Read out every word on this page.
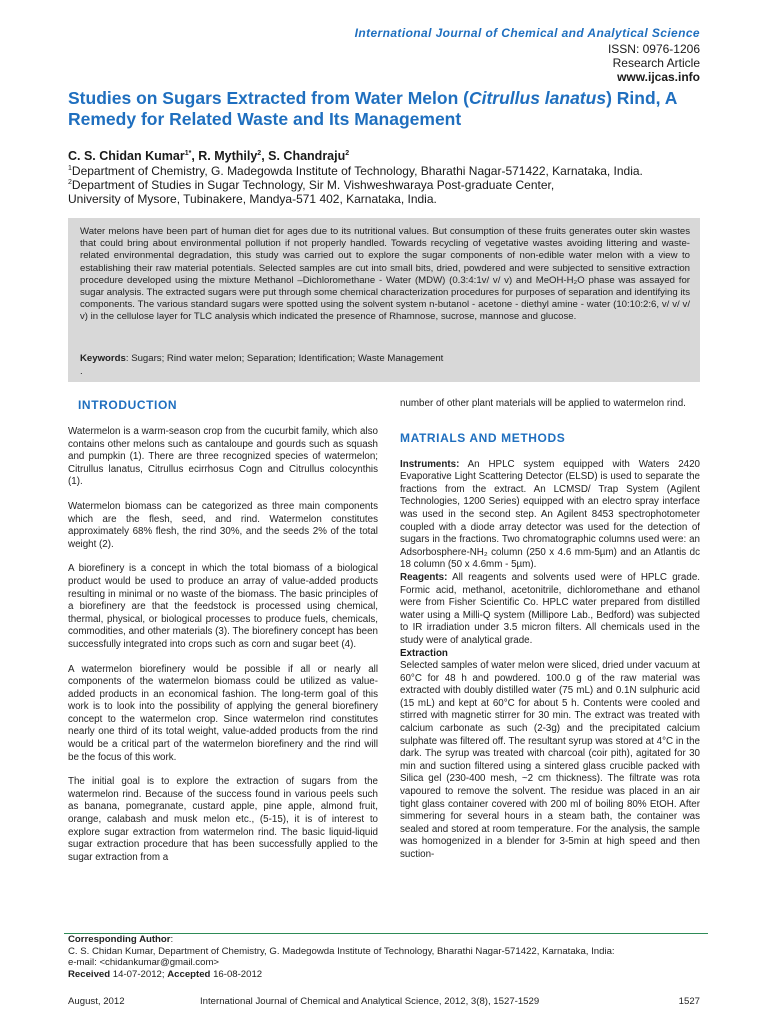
International Journal of Chemical and Analytical Science
ISSN: 0976-1206
Research Article
www.ijcas.info
Studies on Sugars Extracted from Water Melon (Citrullus lanatus) Rind, A Remedy for Related Waste and Its Management
C. S. Chidan Kumar$^{1*}$, R. Mythily$^2$, S. Chandraju$^2$
$^1$Department of Chemistry, G. Madegowda Institute of Technology, Bharathi Nagar-571422, Karnataka, India.
$^2$Department of Studies in Sugar Technology, Sir M. Vishweshwaraya Post-graduate Center,
University of Mysore, Tubinakere, Mandya-571 402, Karnataka, India.
Water melons have been part of human diet for ages due to its nutritional values. But consumption of these fruits generates outer skin wastes that could bring about environmental pollution if not properly handled. Towards recycling of vegetative wastes avoiding littering and waste-related environmental degradation, this study was carried out to explore the sugar components of non-edible water melon with a view to establishing their raw material potentials. Selected samples are cut into small bits, dried, powdered and were subjected to sensitive extraction procedure developed using the mixture Methanol –Dichloromethane - Water (MDW) (0.3:4:1v/ v/ v) and MeOH-H₂O phase was assayed for sugar analysis. The extracted sugars were put through some chemical characterization procedures for purposes of separation and identifying its components. The various standard sugars were spotted using the solvent system n-butanol - acetone - diethyl amine - water (10:10:2:6, v/ v/ v/ v) in the cellulose layer for TLC analysis which indicated the presence of Rhamnose, sucrose, mannose and glucose.
Keywords: Sugars; Rind water melon; Separation; Identification; Waste Management
.
INTRODUCTION

Watermelon is a warm-season crop from the cucurbit family, which also contains other melons such as cantaloupe and gourds such as squash and pumpkin (1). There are three recognized species of watermelon; Citrullus lanatus, Citrullus ecirrhosus Cogn and Citrullus colocynthis (1).

Watermelon biomass can be categorized as three main components which are the flesh, seed, and rind. Watermelon constitutes approximately 68% flesh, the rind 30%, and the seeds 2% of the total weight (2).

A biorefinery is a concept in which the total biomass of a biological product would be used to produce an array of value-added products resulting in minimal or no waste of the biomass. The basic principles of a biorefinery are that the feedstock is processed using chemical, thermal, physical, or biological processes to produce fuels, chemicals, commodities, and other materials (3). The biorefinery concept has been successfully integrated into crops such as corn and sugar beet (4).

A watermelon biorefinery would be possible if all or nearly all components of the watermelon biomass could be utilized as value-added products in an economical fashion. The long-term goal of this work is to look into the possibility of applying the general biorefinery concept to the watermelon crop. Since watermelon rind constitutes nearly one third of its total weight, value-added products from the rind would be a critical part of the watermelon biorefinery and the rind will be the focus of this work.

The initial goal is to explore the extraction of sugars from the watermelon rind. Because of the success found in various peels such as banana, pomegranate, custard apple, pine apple, almond fruit, orange, calabash and musk melon etc., (5-15), it is of interest to explore sugar extraction from watermelon rind. The basic liquid-liquid sugar extraction procedure that has been successfully applied to the sugar extraction from a

number of other plant materials will be applied to watermelon rind.

MATRIALS AND METHODS

Instruments: An HPLC system equipped with Waters 2420 Evaporative Light Scattering Detector (ELSD) is used to separate the fractions from the extract. An LCMSD/ Trap System (Agilent Technologies, 1200 Series) equipped with an electro spray interface was used in the second step. An Agilent 8453 spectrophotometer coupled with a diode array detector was used for the detection of sugars in the fractions. Two chromatographic columns used were: an Adsorbosphere-NH₂ column (250 x 4.6 mm-5µm) and an Atlantis dc 18 column (50 x 4.6mm - 5µm).

Reagents: All reagents and solvents used were of HPLC grade. Formic acid, methanol, acetonitrile, dichloromethane and ethanol were from Fisher Scientific Co. HPLC water prepared from distilled water using a Milli-Q system (Millipore Lab., Bedford) was subjected to IR irradiation under 3.5 micron filters. All chemicals used in the study were of analytical grade.

Extraction

Selected samples of water melon were sliced, dried under vacuum at 60°C for 48 h and powdered. 100.0 g of the raw material was extracted with doubly distilled water (75 mL) and 0.1N sulphuric acid (15 mL) and kept at 60°C for about 5 h. Contents were cooled and stirred with magnetic stirrer for 30 min. The extract was treated with calcium carbonate as such (2-3g) and the precipitated calcium sulphate was filtered off. The resultant syrup was stored at 4°C in the dark. The syrup was treated with charcoal (coir pith), agitated for 30 min and suction filtered using a sintered glass crucible packed with Silica gel (230-400 mesh, ~2 cm thickness). The filtrate was rota vapoured to remove the solvent. The residue was placed in an air tight glass container covered with 200 ml of boiling 80% EtOH. After simmering for several hours in a steam bath, the container was sealed and stored at room temperature. For the analysis, the sample was homogenized in a blender for 3-5min at high speed and then suction-

Corresponding Author:
C. S. Chidan Kumar, Department of Chemistry, G. Madegowda Institute of Technology, Bharathi Nagar-571422, Karnataka, India:
e-mail: <chidankumar@gmail.com>
Received 14-07-2012; Accepted 16-08-2012
August, 2012	International Journal of Chemical and Analytical Science, 2012, 3(8), 1527-1529	1527
